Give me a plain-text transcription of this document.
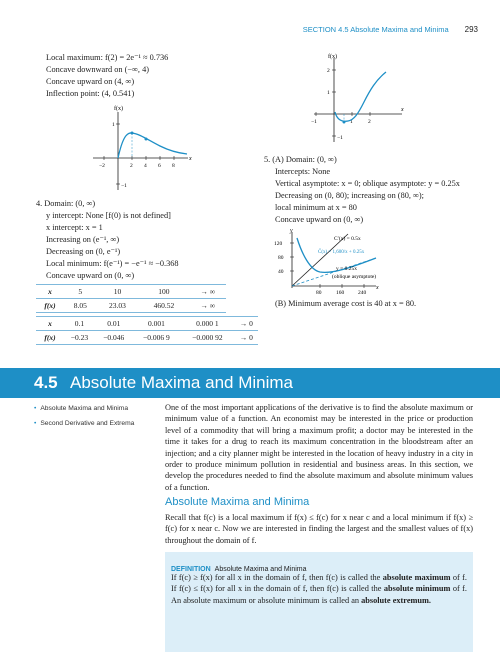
SECTION 4.5 Absolute Maxima and Minima 293
Local maximum: f(2) = 2e⁻¹ ≈ 0.736
Concave downward on (−∞, 4)
Concave upward on (4, ∞)
Inflection point: (4, 0.541)
f(x)
x
−2	2 4 6 8
1
−1
4. Domain: (0, ∞)
y intercept: None [f(0) is not defined]
x intercept: x = 1
Increasing on (e⁻¹, ∞)
Decreasing on (0, e⁻¹)
Local minimum: f(e⁻¹) = −e⁻¹ ≈ −0.368
Concave upward on (0, ∞)
x	5	10	100	→ ∞
f(x)	8.05	23.03	460.52	→ ∞
x	0.1	0.01	0.001	0.000 1	→ 0
f(x)	−0.23	−0.046	−0.006 9	−0.000 92	→ 0
f(x)
x
−1	1	2
2
1
−1
5. (A) Domain: (0, ∞)
Intercepts: None
Vertical asymptote: x = 0; oblique asymptote: y = 0.25x
Decreasing on (0, 80); increasing on (80, ∞);
local minimum at x = 80
Concave upward on (0, ∞)
y
x
80	160	240
120
80
40
C′(x) = 0.5x
C̄(x) = 1,600/x + 0.25x
y = 0.25x
(oblique asymptote)
(B) Minimum average cost is 40 at x = 80.
4.5 Absolute Maxima and Minima
• Absolute Maxima and Minima
• Second Derivative and Extrema
One of the most important applications of the derivative is to find the absolute maximum or minimum value of a function. An economist may be interested in the price or production level of a commodity that will bring a maximum profit; a doctor may be interested in the time it takes for a drug to reach its maximum concentration in the bloodstream after an injection; and a city planner might be interested in the location of heavy industry in a city in order to produce minimum pollution in residential and business areas. In this section, we develop the procedures needed to find the absolute maximum and absolute minimum values of a function.
Absolute Maxima and Minima
Recall that f(c) is a local maximum if f(x) ≤ f(c) for x near c and a local minimum if f(x) ≥ f(c) for x near c. Now we are interested in finding the largest and the smallest values of f(x) throughout the domain of f.
DEFINITION Absolute Maxima and Minima
If f(c) ≥ f(x) for all x in the domain of f, then f(c) is called the absolute maximum of f. If f(c) ≤ f(x) for all x in the domain of f, then f(c) is called the absolute minimum of f. An absolute maximum or absolute minimum is called an absolute extremum.
